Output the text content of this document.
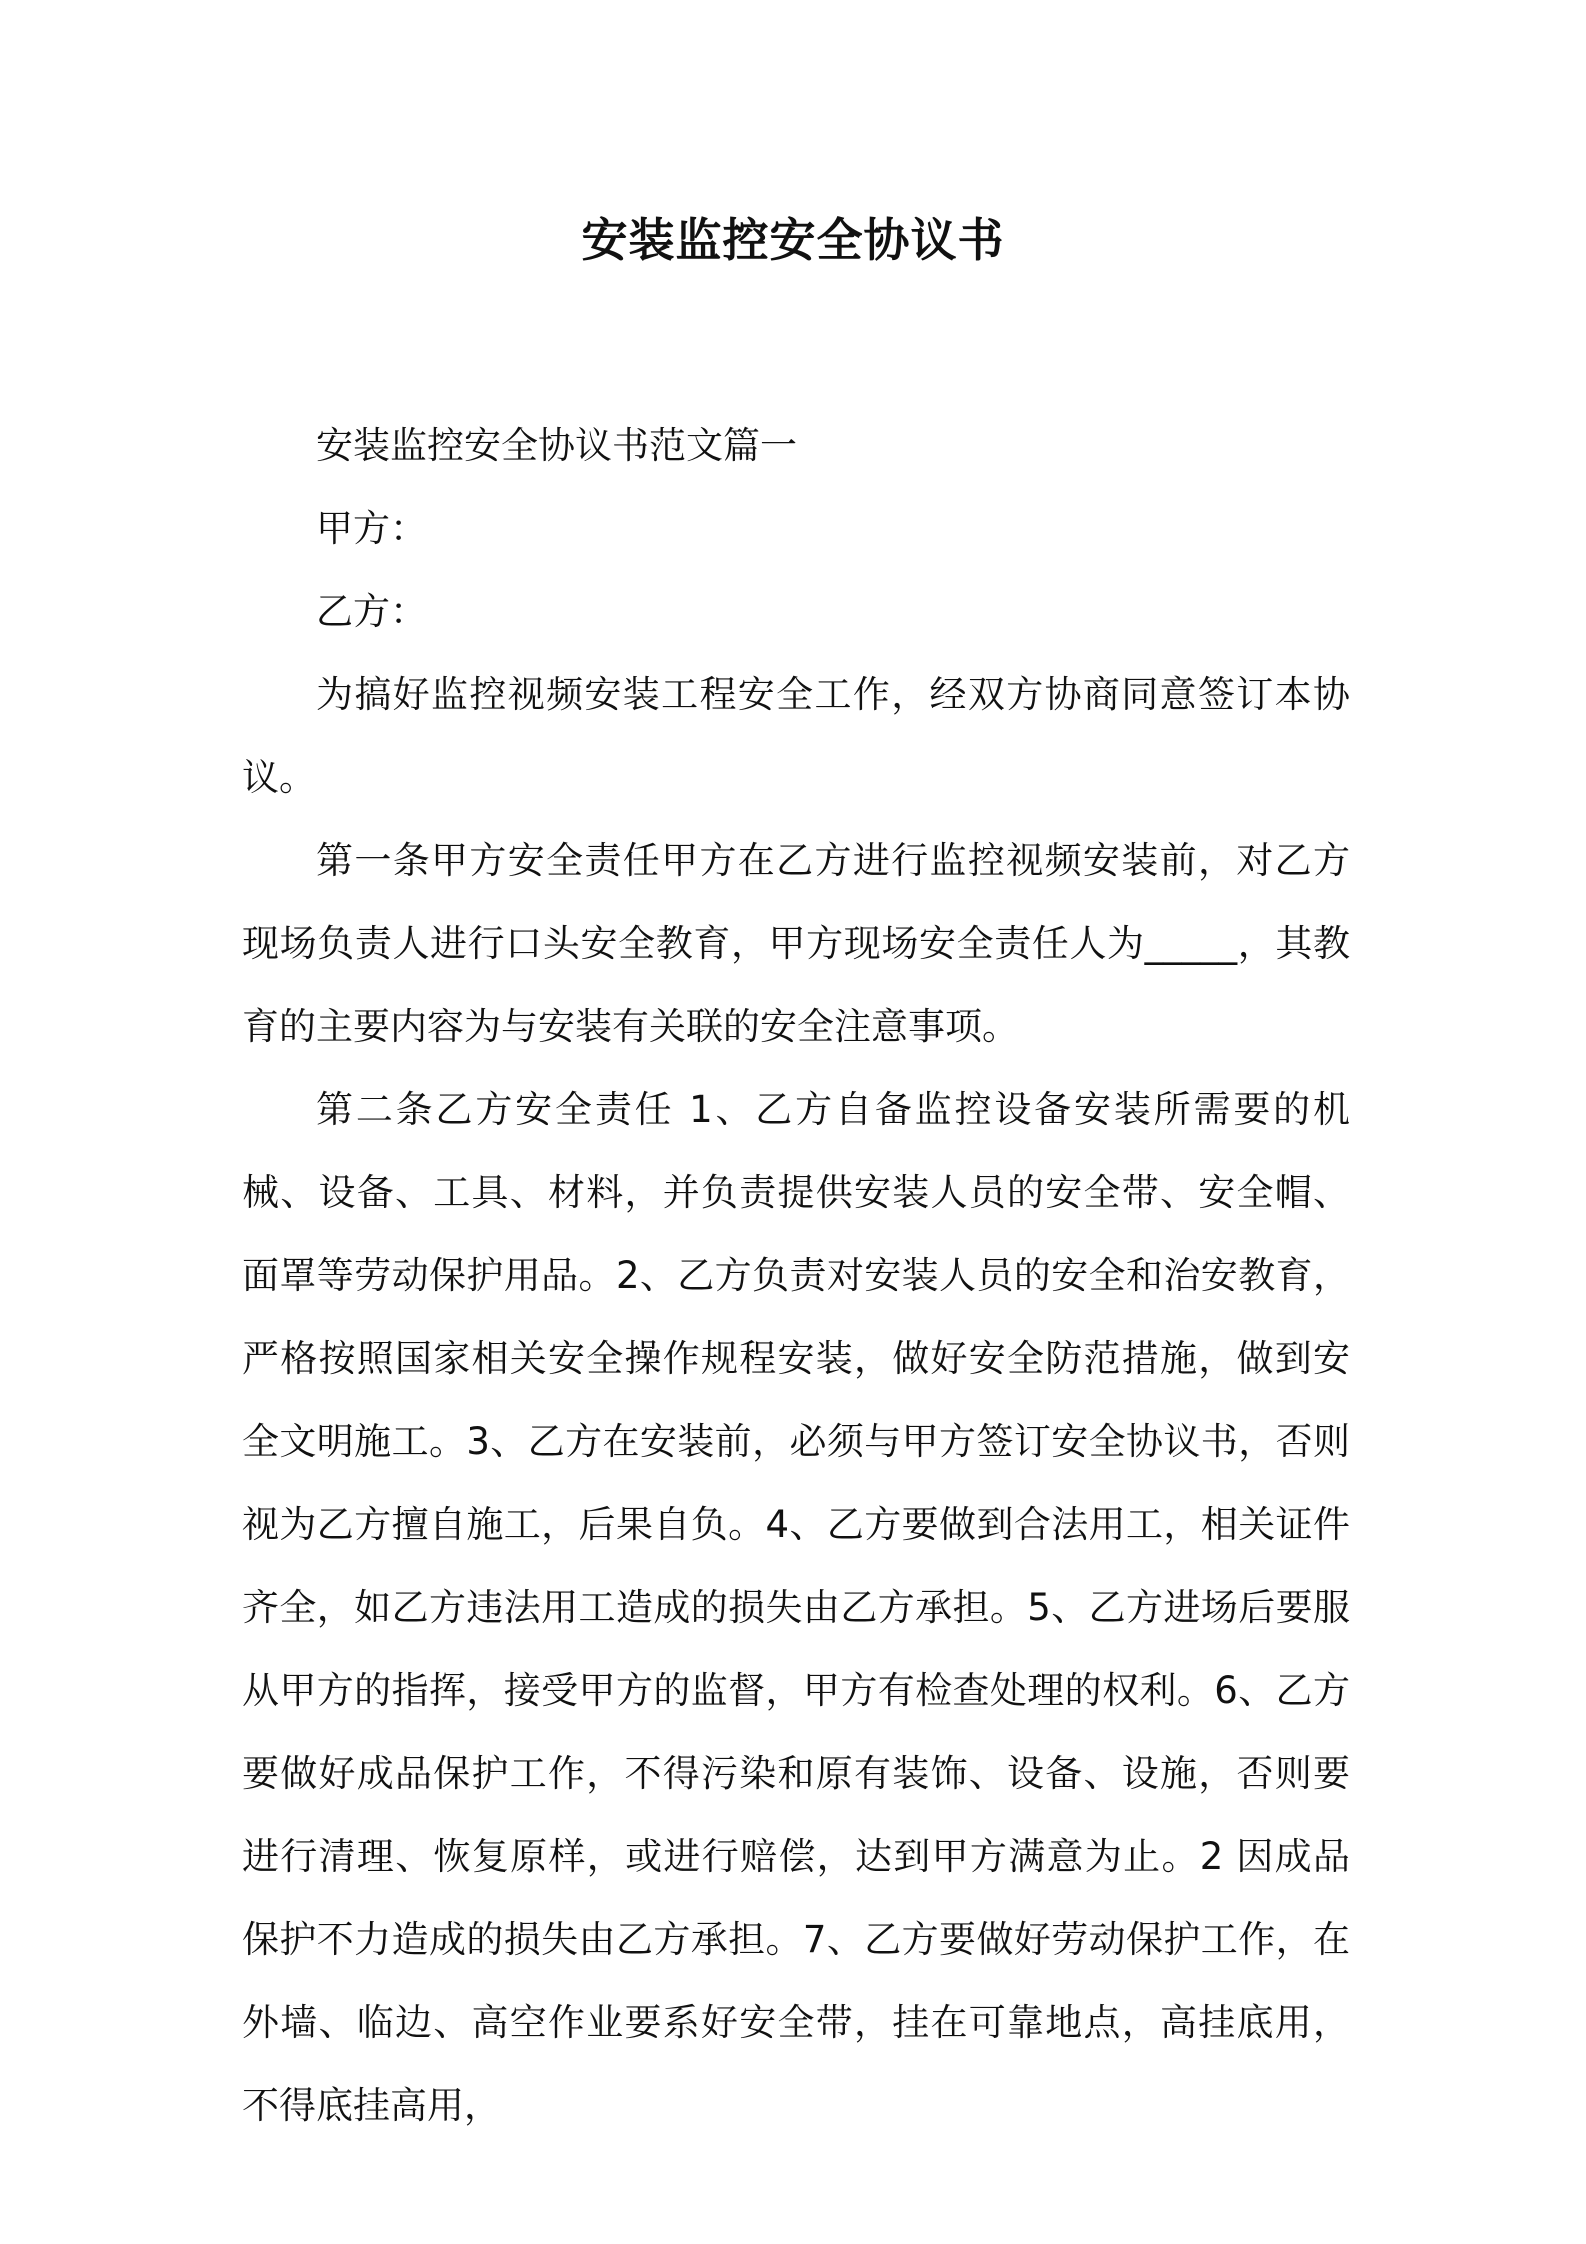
安装监控安全协议书

安装监控安全协议书范文篇一

甲方：

乙方：

为搞好监控视频安装工程安全工作，经双方协商同意签订本协议。

第一条甲方安全责任甲方在乙方进行监控视频安装前，对乙方现场负责人进行口头安全教育，甲方现场安全责任人为_____，其教育的主要内容为与安装有关联的安全注意事项。

第二条乙方安全责任 1、乙方自备监控设备安装所需要的机械、设备、工具、材料，并负责提供安装人员的安全带、安全帽、面罩等劳动保护用品。2、乙方负责对安装人员的安全和治安教育，严格按照国家相关安全操作规程安装，做好安全防范措施，做到安全文明施工。3、乙方在安装前，必须与甲方签订安全协议书，否则视为乙方擅自施工，后果自负。4、乙方要做到合法用工，相关证件齐全，如乙方违法用工造成的损失由乙方承担。5、乙方进场后要服从甲方的指挥，接受甲方的监督，甲方有检查处理的权利。6、乙方要做好成品保护工作，不得污染和原有装饰、设备、设施，否则要进行清理、恢复原样，或进行赔偿，达到甲方满意为止。2 因成品保护不力造成的损失由乙方承担。7、乙方要做好劳动保护工作，在外墙、临边、高空作业要系好安全带，挂在可靠地点，高挂底用，不得底挂高用，
